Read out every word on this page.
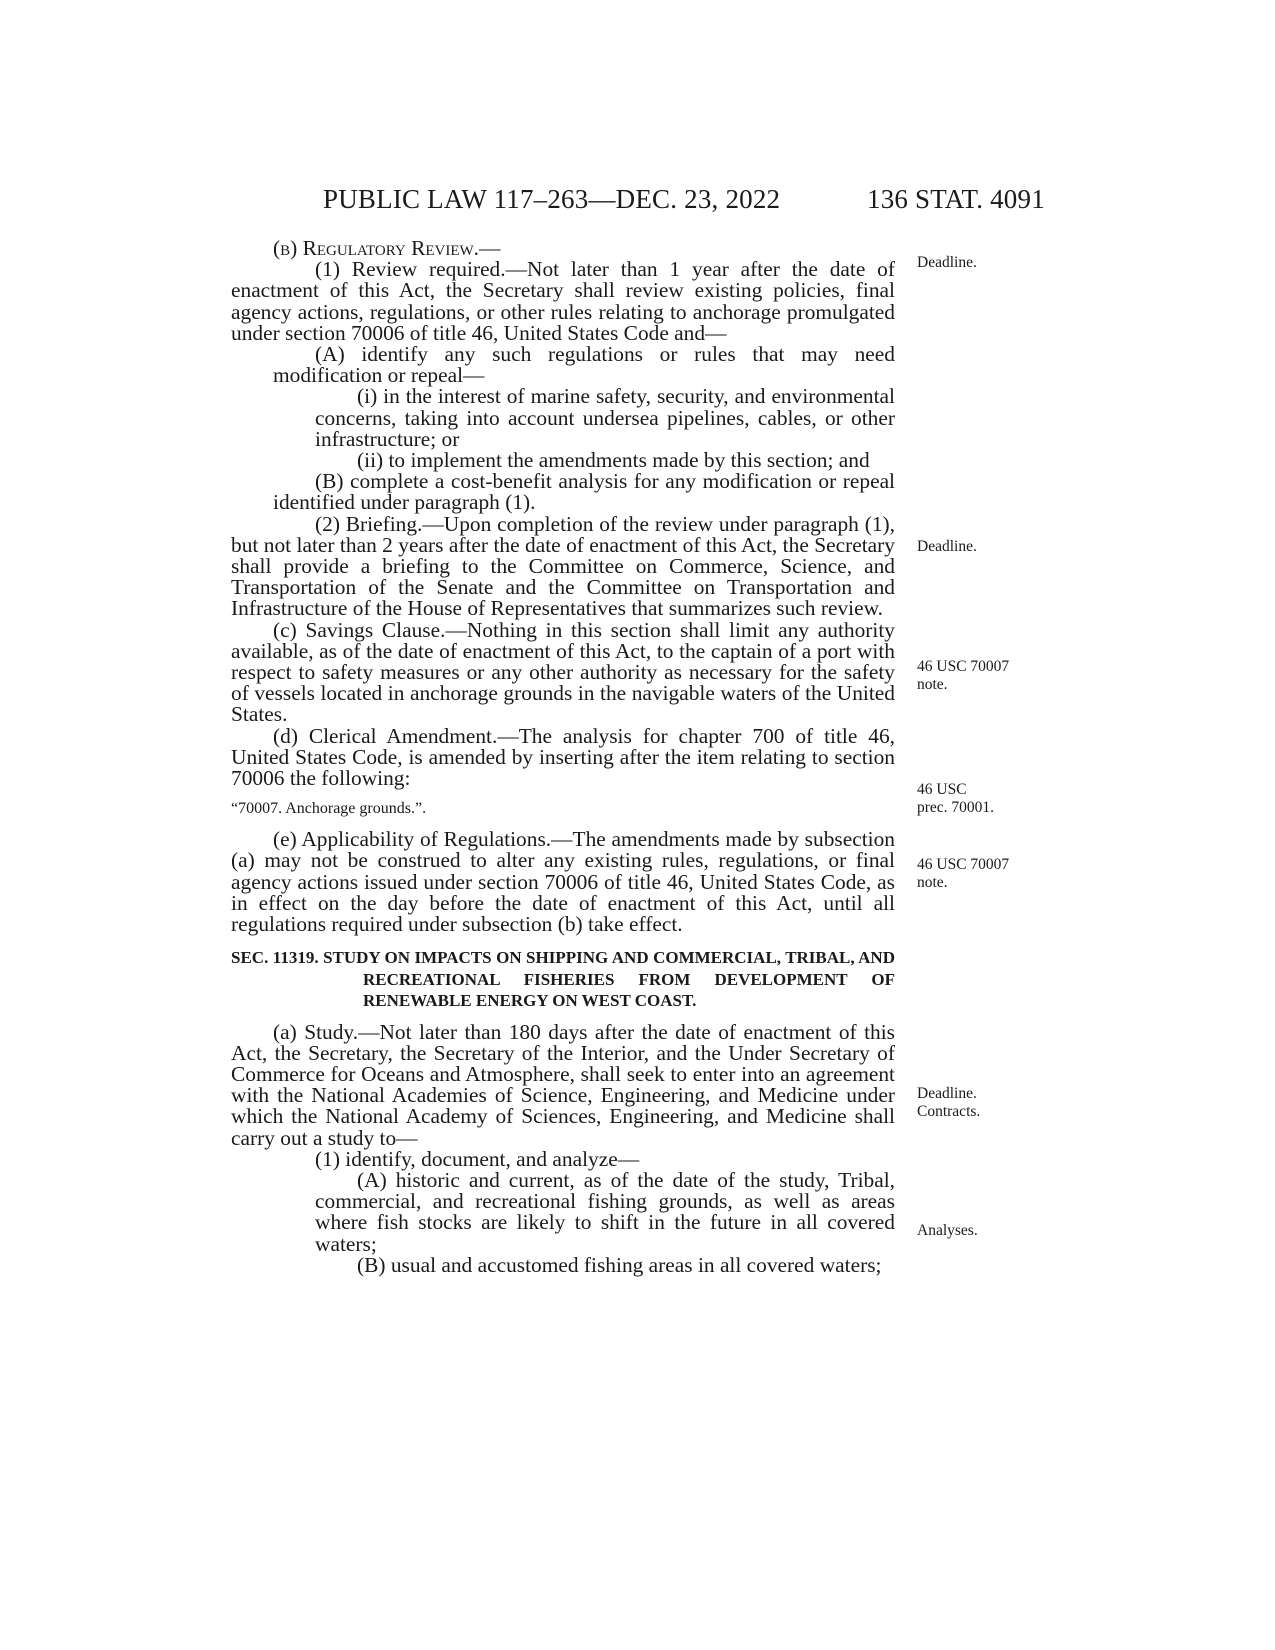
PUBLIC LAW 117–263—DEC. 23, 2022	136 STAT. 4091

(b) Regulatory Review.—

(1) Review required.—Not later than 1 year after the date of enactment of this Act, the Secretary shall review existing policies, final agency actions, regulations, or other rules relating to anchorage promulgated under section 70006 of title 46, United States Code and—

(A) identify any such regulations or rules that may need modification or repeal—

(i) in the interest of marine safety, security, and environmental concerns, taking into account undersea pipelines, cables, or other infrastructure; or

(ii) to implement the amendments made by this section; and

(B) complete a cost-benefit analysis for any modification or repeal identified under paragraph (1).

(2) Briefing.—Upon completion of the review under paragraph (1), but not later than 2 years after the date of enactment of this Act, the Secretary shall provide a briefing to the Committee on Commerce, Science, and Transportation of the Senate and the Committee on Transportation and Infrastructure of the House of Representatives that summarizes such review.

(c) Savings Clause.—Nothing in this section shall limit any authority available, as of the date of enactment of this Act, to the captain of a port with respect to safety measures or any other authority as necessary for the safety of vessels located in anchorage grounds in the navigable waters of the United States.

(d) Clerical Amendment.—The analysis for chapter 700 of title 46, United States Code, is amended by inserting after the item relating to section 70006 the following:

“70007. Anchorage grounds.”.

(e) Applicability of Regulations.—The amendments made by subsection (a) may not be construed to alter any existing rules, regulations, or final agency actions issued under section 70006 of title 46, United States Code, as in effect on the day before the date of enactment of this Act, until all regulations required under subsection (b) take effect.

SEC. 11319. STUDY ON IMPACTS ON SHIPPING AND COMMERCIAL, TRIBAL, AND RECREATIONAL FISHERIES FROM DEVELOPMENT OF RENEWABLE ENERGY ON WEST COAST.

(a) Study.—Not later than 180 days after the date of enactment of this Act, the Secretary, the Secretary of the Interior, and the Under Secretary of Commerce for Oceans and Atmosphere, shall seek to enter into an agreement with the National Academies of Science, Engineering, and Medicine under which the National Academy of Sciences, Engineering, and Medicine shall carry out a study to—

(1) identify, document, and analyze—

(A) historic and current, as of the date of the study, Tribal, commercial, and recreational fishing grounds, as well as areas where fish stocks are likely to shift in the future in all covered waters;

(B) usual and accustomed fishing areas in all covered waters;

Deadline.
Deadline.
46 USC 70007
note.
46 USC
prec. 70001.
46 USC 70007
note.
Deadline.
Contracts.
Analyses.
